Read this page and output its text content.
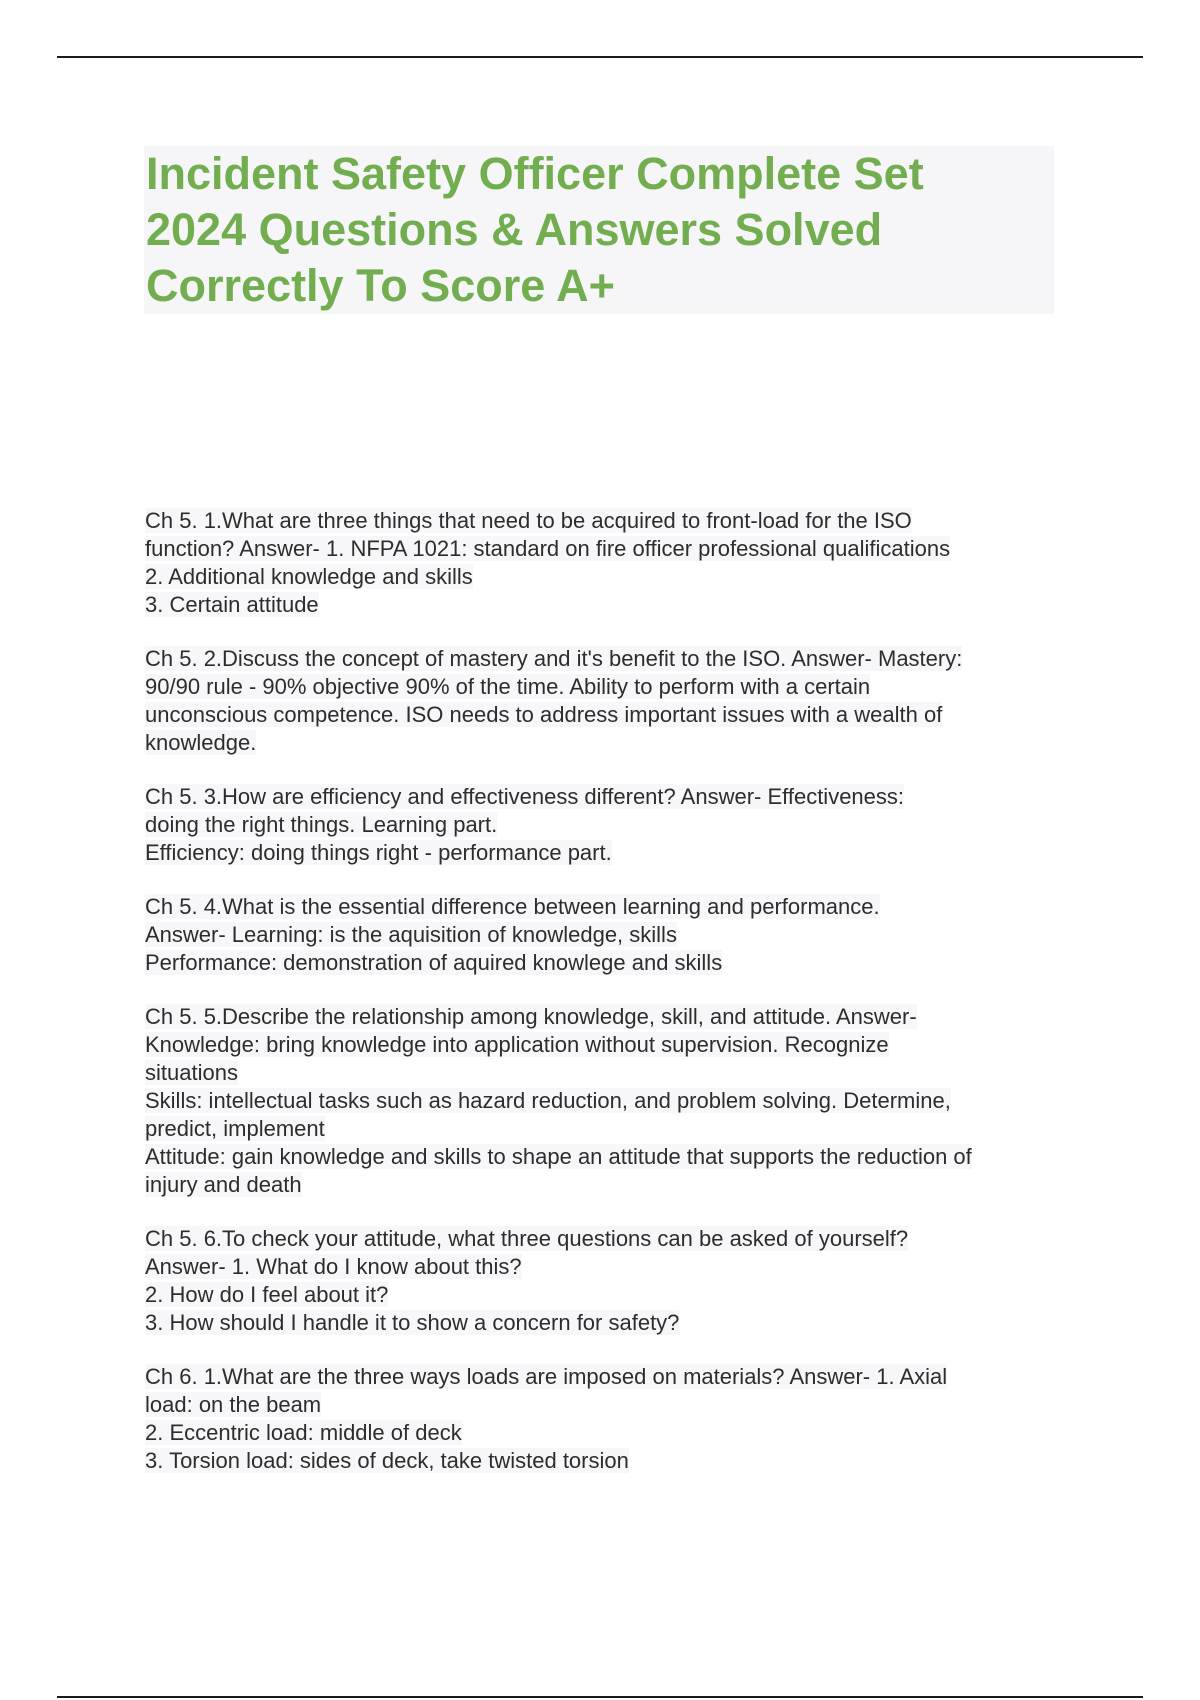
Incident Safety Officer Complete Set
2024 Questions & Answers Solved
Correctly To Score A+
Ch 5. 1.What are three things that need to be acquired to front-load for the ISO
function? Answer- 1. NFPA 1021: standard on fire officer professional qualifications
2. Additional knowledge and skills
3. Certain attitude
Ch 5. 2.Discuss the concept of mastery and it's benefit to the ISO. Answer- Mastery:
90/90 rule - 90% objective 90% of the time. Ability to perform with a certain
unconscious competence. ISO needs to address important issues with a wealth of
knowledge.
Ch 5. 3.How are efficiency and effectiveness different? Answer- Effectiveness:
doing the right things. Learning part.
Efficiency: doing things right - performance part.
Ch 5. 4.What is the essential difference between learning and performance.
Answer- Learning: is the aquisition of knowledge, skills
Performance: demonstration of aquired knowlege and skills
Ch 5. 5.Describe the relationship among knowledge, skill, and attitude. Answer-
Knowledge: bring knowledge into application without supervision. Recognize
situations
Skills: intellectual tasks such as hazard reduction, and problem solving. Determine,
predict, implement
Attitude: gain knowledge and skills to shape an attitude that supports the reduction of
injury and death
Ch 5. 6.To check your attitude, what three questions can be asked of yourself?
Answer- 1. What do I know about this?
2. How do I feel about it?
3. How should I handle it to show a concern for safety?
Ch 6. 1.What are the three ways loads are imposed on materials? Answer- 1. Axial
load: on the beam
2. Eccentric load: middle of deck
3. Torsion load: sides of deck, take twisted torsion
